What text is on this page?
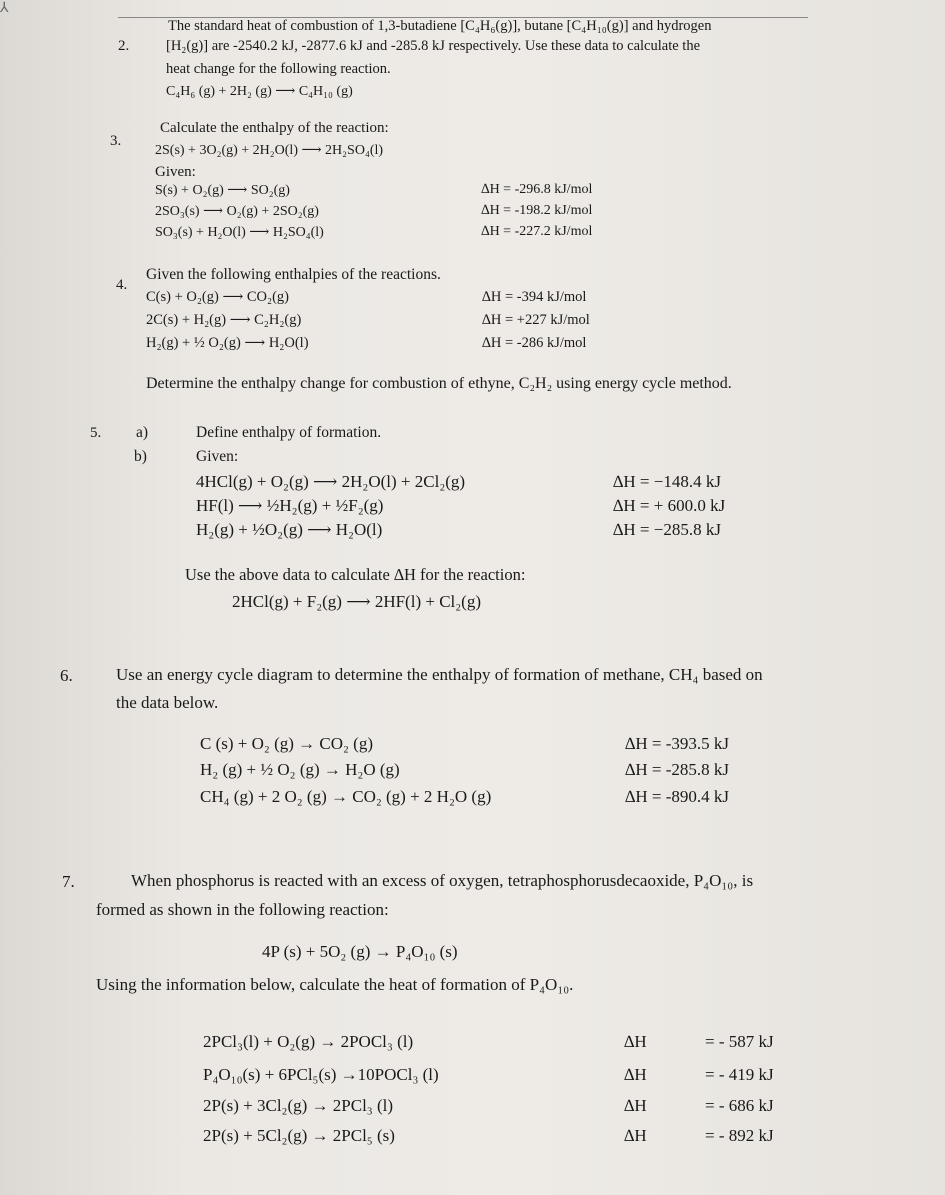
⅄
2.
The standard heat of combustion of 1,3-butadiene [C₄H₆(g)], butane [C₄H₁₀(g)] and hydrogen
[H₂(g)] are -2540.2 kJ, -2877.6 kJ and -285.8 kJ respectively. Use these data to calculate the
heat change for the following reaction.
C₄H₆ (g) + 2H₂ (g) ⟶ C₄H₁₀ (g)
3.
Calculate the enthalpy of the reaction:
2S(s) + 3O₂(g) + 2H₂O(l) ⟶ 2H₂SO₄(l)
Given:
S(s) + O₂(g) ⟶ SO₂(g)	∆H = -296.8 kJ/mol
2SO₃(s) ⟶ O₂(g) + 2SO₂(g)	∆H = -198.2 kJ/mol
SO₃(s) + H₂O(l) ⟶ H₂SO₄(l)	∆H = -227.2 kJ/mol
4.
Given the following enthalpies of the reactions.
C(s) + O₂(g) ⟶ CO₂(g)	∆H = -394 kJ/mol
2C(s) + H₂(g) ⟶ C₂H₂(g)	∆H = +227 kJ/mol
H₂(g) + ½ O₂(g) ⟶ H₂O(l)	∆H = -286 kJ/mol
Determine the enthalpy change for combustion of ethyne, C₂H₂ using energy cycle method.
5. a)	Define enthalpy of formation.
b)	Given:
4HCl(g) + O₂(g) ⟶ 2H₂O(l) + 2Cl₂(g)	∆H = −148.4 kJ
HF(l) ⟶ ½H₂(g) + ½F₂(g)	∆H = + 600.0 kJ
H₂(g) + ½O₂(g) ⟶ H₂O(l)	∆H = −285.8 kJ
Use the above data to calculate ∆H for the reaction:
2HCl(g) + F₂(g) ⟶ 2HF(l) + Cl₂(g)
6.	Use an energy cycle diagram to determine the enthalpy of formation of methane, CH₄ based on
the data below.
C (s) + O₂ (g) → CO₂ (g)	∆H = -393.5 kJ
H₂ (g) + ½ O₂ (g) → H₂O (g)	∆H = -285.8 kJ
CH₄ (g) + 2 O₂ (g) → CO₂ (g) + 2 H₂O (g)	∆H = -890.4 kJ
7.	When phosphorus is reacted with an excess of oxygen, tetraphosphorusdecaoxide, P₄O₁₀, is
formed as shown in the following reaction:
4P (s) + 5O₂ (g) → P₄O₁₀ (s)
Using the information below, calculate the heat of formation of P₄O₁₀.
2PCl₃(l) + O₂(g) → 2POCl₃ (l)	∆H	= - 587 kJ
P₄O₁₀(s) + 6PCl₅(s) →10POCl₃ (l)	∆H	= - 419 kJ
2P(s) + 3Cl₂(g) → 2PCl₃ (l)	∆H	= - 686 kJ
2P(s) + 5Cl₂(g) → 2PCl₅ (s)	∆H	= - 892 kJ
